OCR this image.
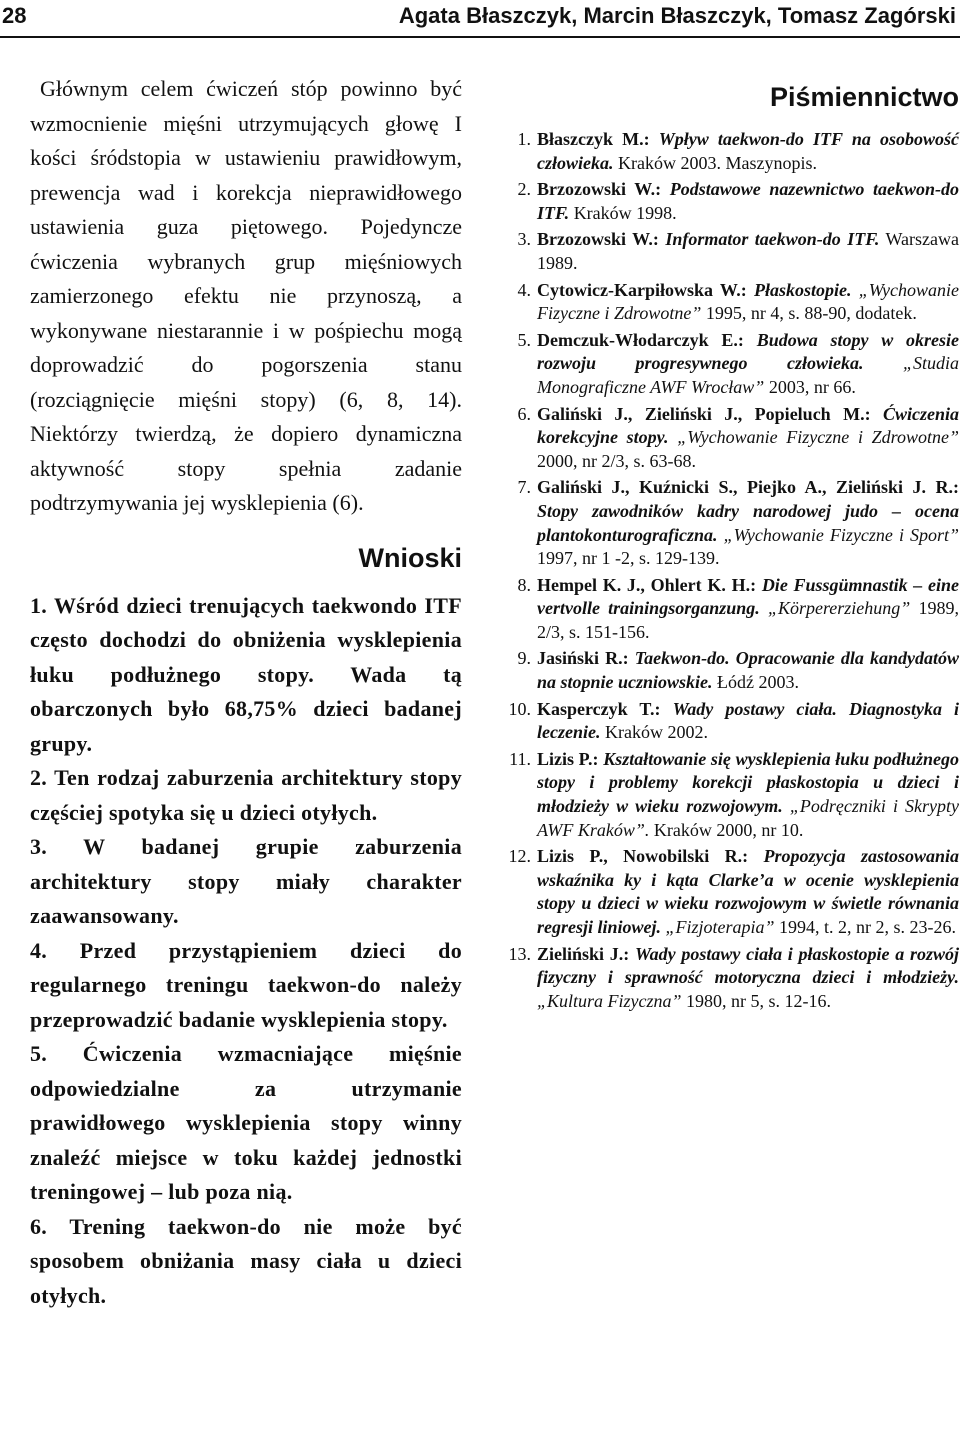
28	Agata Błaszczyk, Marcin Błaszczyk, Tomasz Zagórski

Głównym celem ćwiczeń stóp powinno być wzmocnienie mięśni utrzymujących głowę I kości śródstopia w ustawieniu prawidłowym, prewencja wad i korekcja nieprawidłowego ustawienia guza piętowego. Pojedyncze ćwiczenia wybranych grup mięśniowych zamierzonego efektu nie przynoszą, a wykonywane niestarannie i w pośpiechu mogą doprowadzić do pogorszenia stanu (rozciągnięcie mięśni stopy) (6, 8, 14). Niektórzy twierdzą, że dopiero dynamiczna aktywność stopy spełnia zadanie podtrzymywania jej wysklepienia (6).

Wnioski

1. Wśród dzieci trenujących taekwondo ITF często dochodzi do obniżenia wysklepienia łuku podłużnego stopy. Wada tą obarczonych było 68,75% dzieci badanej grupy.

2. Ten rodzaj zaburzenia architektury stopy częściej spotyka się u dzieci otyłych.

3. W badanej grupie zaburzenia architektury stopy miały charakter zaawansowany.

4. Przed przystąpieniem dzieci do regularnego treningu taekwon-do należy przeprowadzić badanie wysklepienia stopy.

5. Ćwiczenia wzmacniające mięśnie odpowiedzialne za utrzymanie prawidłowego wysklepienia stopy winny znaleźć miejsce w toku każdej jednostki treningowej – lub poza nią.

6. Trening taekwon-do nie może być sposobem obniżania masy ciała u dzieci otyłych.

Piśmiennictwo
1. Błaszczyk M.: Wpływ taekwon-do ITF na osobowość człowieka. Kraków 2003. Maszynopis.
2. Brzozowski W.: Podstawowe nazewnictwo taekwon-do ITF. Kraków 1998.
3. Brzozowski W.: Informator taekwon-do ITF. Warszawa 1989.
4. Cytowicz-Karpiłowska W.: Płaskostopie. „Wychowanie Fizyczne i Zdrowotne” 1995, nr 4, s. 88-90, dodatek.
5. Demczuk-Włodarczyk E.: Budowa stopy w okresie rozwoju progresywnego człowieka. „Studia Monograficzne AWF Wrocław” 2003, nr 66.
6. Galiński J., Zieliński J., Popieluch M.: Ćwiczenia korekcyjne stopy. „Wychowanie Fizyczne i Zdrowotne” 2000, nr 2/3, s. 63-68.
7. Galiński J., Kuźnicki S., Piejko A., Zieliński J. R.: Stopy zawodników kadry narodowej judo – ocena plantokonturograficzna. „Wychowanie Fizyczne i Sport” 1997, nr 1 -2, s. 129-139.
8. Hempel K. J., Ohlert K. H.: Die Fussgümnastik – eine vertvolle trainingsorganzung. „Körpererziehung” 1989, 2/3, s. 151-156.
9. Jasiński R.: Taekwon-do. Opracowanie dla kandydatów na stopnie uczniowskie. Łódź 2003.
10. Kasperczyk T.: Wady postawy ciała. Diagnostyka i leczenie. Kraków 2002.
11. Lizis P.: Kształtowanie się wysklepienia łuku podłużnego stopy i problemy korekcji płaskostopia u dzieci i młodzieży w wieku rozwojowym. „Podręczniki i Skrypty AWF Kraków”. Kraków 2000, nr 10.
12. Lizis P., Nowobilski R.: Propozycja zastosowania wskaźnika ky i kąta Clarke’a w ocenie wysklepienia stopy u dzieci w wieku rozwojowym w świetle równania regresji liniowej. „Fizjoterapia” 1994, t. 2, nr 2, s. 23-26.
13. Zieliński J.: Wady postawy ciała i płaskostopie a rozwój fizyczny i sprawność motoryczna dzieci i młodzieży. „Kultura Fizyczna” 1980, nr 5, s. 12-16.
